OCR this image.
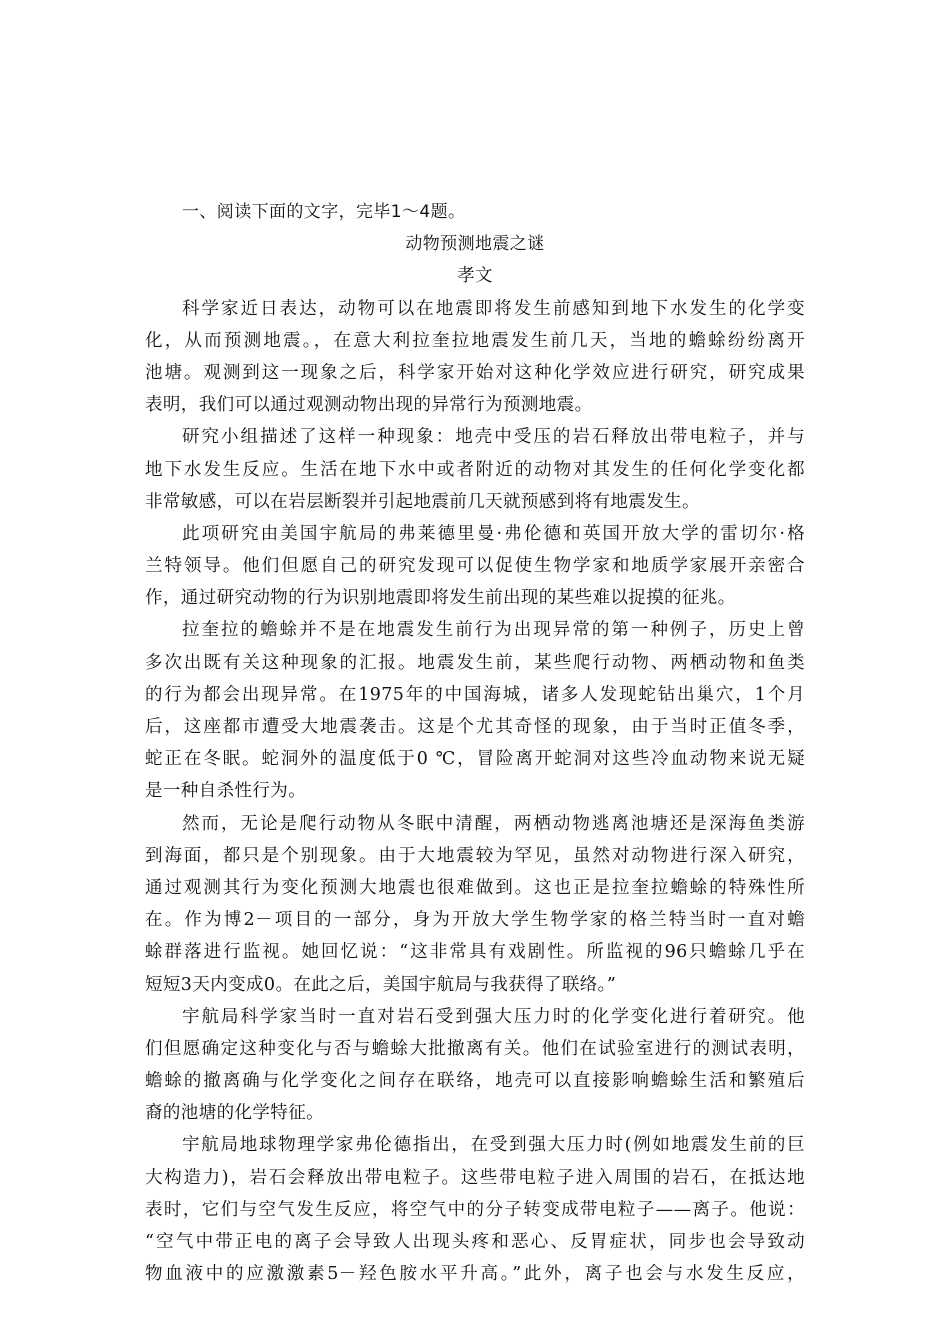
一、阅读下面的文字，完毕1～4题。
动物预测地震之谜
孝文
科学家近日表达，动物可以在地震即将发生前感知到地下水发生的化学变
化，从而预测地震。，在意大利拉奎拉地震发生前几天，当地的蟾蜍纷纷离开
池塘。观测到这一现象之后，科学家开始对这种化学效应进行研究，研究成果
表明，我们可以通过观测动物出现的异常行为预测地震。
研究小组描述了这样一种现象：地壳中受压的岩石释放出带电粒子，并与
地下水发生反应。生活在地下水中或者附近的动物对其发生的任何化学变化都
非常敏感，可以在岩层断裂并引起地震前几天就预感到将有地震发生。
此项研究由美国宇航局的弗莱德里曼·弗伦德和英国开放大学的雷切尔·格
兰特领导。他们但愿自己的研究发现可以促使生物学家和地质学家展开亲密合
作，通过研究动物的行为识别地震即将发生前出现的某些难以捉摸的征兆。
拉奎拉的蟾蜍并不是在地震发生前行为出现异常的第一种例子，历史上曾
多次出既有关这种现象的汇报。地震发生前，某些爬行动物、两栖动物和鱼类
的行为都会出现异常。在1975年的中国海城，诸多人发现蛇钻出巢穴，1个月
后，这座都市遭受大地震袭击。这是个尤其奇怪的现象，由于当时正值冬季，
蛇正在冬眠。蛇洞外的温度低于0 ℃，冒险离开蛇洞对这些冷血动物来说无疑
是一种自杀性行为。
然而，无论是爬行动物从冬眠中清醒，两栖动物逃离池塘还是深海鱼类游
到海面，都只是个别现象。由于大地震较为罕见，虽然对动物进行深入研究，
通过观测其行为变化预测大地震也很难做到。这也正是拉奎拉蟾蜍的特殊性所
在。作为博2－项目的一部分，身为开放大学生物学家的格兰特当时一直对蟾
蜍群落进行监视。她回忆说：“这非常具有戏剧性。所监视的96只蟾蜍几乎在
短短3天内变成0。在此之后，美国宇航局与我获得了联络。”
宇航局科学家当时一直对岩石受到强大压力时的化学变化进行着研究。他
们但愿确定这种变化与否与蟾蜍大批撤离有关。他们在试验室进行的测试表明，
蟾蜍的撤离确与化学变化之间存在联络，地壳可以直接影响蟾蜍生活和繁殖后
裔的池塘的化学特征。
宇航局地球物理学家弗伦德指出，在受到强大压力时(例如地震发生前的巨
大构造力)，岩石会释放出带电粒子。这些带电粒子进入周围的岩石，在抵达地
表时，它们与空气发生反应，将空气中的分子转变成带电粒子——离子。他说：
“空气中带正电的离子会导致人出现头疼和恶心、反胃症状，同步也会导致动
物血液中的应激激素5－羟色胺水平升高。”此外，离子也会与水发生反应，
